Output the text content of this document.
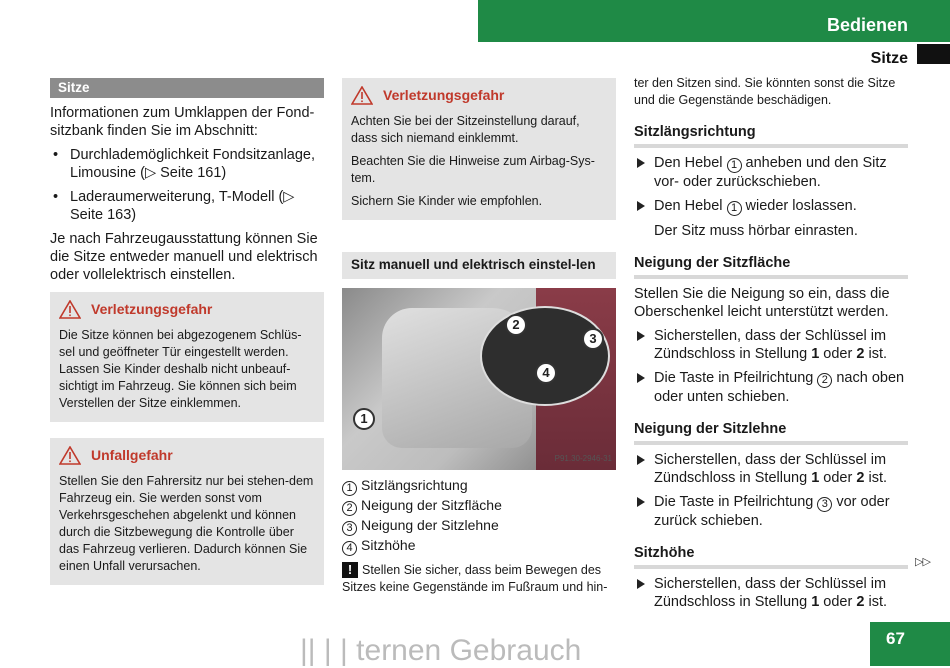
Bedienen
Sitze
Sitze

Informationen zum Umklappen der Fond-sitzbank finden Sie im Abschnitt:

• Durchlademöglichkeit Fondsitzanlage, Limousine (▷ Seite 161)
• Laderaumerweiterung, T-Modell (▷ Seite 163)

Je nach Fahrzeugausstattung können Sie die Sitze entweder manuell und elektrisch oder vollelektrisch einstellen.

Verletzungsgefahr

Die Sitze können bei abgezogenem Schlüs-sel und geöffneter Tür eingestellt werden. Lassen Sie Kinder deshalb nicht unbeauf-sichtigt im Fahrzeug. Sie können sich beim Verstellen der Sitze einklemmen.

Unfallgefahr

Stellen Sie den Fahrersitz nur bei stehen-dem Fahrzeug ein. Sie werden sonst vom Verkehrsgeschehen abgelenkt und können durch die Sitzbewegung die Kontrolle über das Fahrzeug verlieren. Dadurch können Sie einen Unfall verursachen.

Verletzungsgefahr

Achten Sie bei der Sitzeinstellung darauf, dass sich niemand einklemmt.

Beachten Sie die Hinweise zum Airbag-Sys-tem.

Sichern Sie Kinder wie empfohlen.

Sitz manuell und elektrisch einstel-len
1
2
3
4
P91.30-2946-31
1 Sitzlängsrichtung
2 Neigung der Sitzfläche
3 Neigung der Sitzlehne
4 Sitzhöhe

! Stellen Sie sicher, dass beim Bewegen des Sitzes keine Gegenstände im Fußraum und hin-

ter den Sitzen sind. Sie könnten sonst die Sitze und die Gegenstände beschädigen.

Sitzlängsrichtung

Den Hebel 1 anheben und den Sitz vor- oder zurückschieben.

Den Hebel 1 wieder loslassen.

Der Sitz muss hörbar einrasten.

Neigung der Sitzfläche

Stellen Sie die Neigung so ein, dass die Oberschenkel leicht unterstützt werden.

Sicherstellen, dass der Schlüssel im Zündschloss in Stellung 1 oder 2 ist.

Die Taste in Pfeilrichtung 2 nach oben oder unten schieben.

Neigung der Sitzlehne

Sicherstellen, dass der Schlüssel im Zündschloss in Stellung 1 oder 2 ist.

Die Taste in Pfeilrichtung 3 vor oder zurück schieben.

Sitzhöhe

Sicherstellen, dass der Schlüssel im Zündschloss in Stellung 1 oder 2 ist.

▷▷
67
|| | | ternen Gebrauch
